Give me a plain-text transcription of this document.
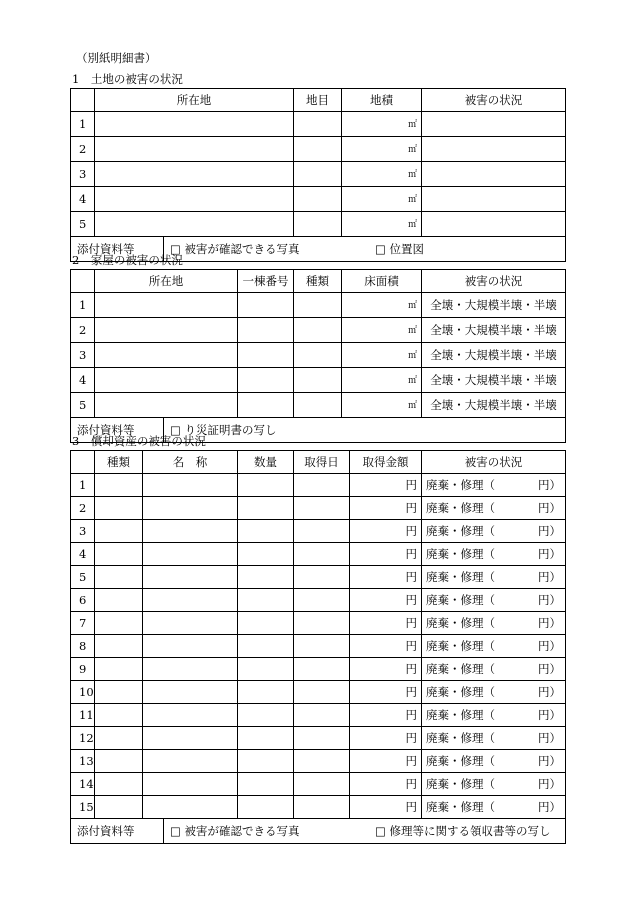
（別紙明細書）
1　土地の被害の状況
	所在地	地目	地積	被害の状況
1			㎡	
2			㎡	
3			㎡	
4			㎡	
5			㎡	

添付資料等 □ 被害が確認できる写真 □ 位置図				
2　家屋の被害の状況
	所在地	一棟番号	種類	床面積	被害の状況
1				㎡	全壊・大規模半壊・半壊
2				㎡	全壊・大規模半壊・半壊
3				㎡	全壊・大規模半壊・半壊
4				㎡	全壊・大規模半壊・半壊
5				㎡	全壊・大規模半壊・半壊

添付資料等 □ り災証明書の写し					
3　償却資産の被害の状況
	種類	名　称	数量	取得日	取得金額	被害の状況
1					円	廃棄・修理（ 円）

2					円	廃棄・修理（ 円）

3					円	廃棄・修理（ 円）

4					円	廃棄・修理（ 円）

5					円	廃棄・修理（ 円）

6					円	廃棄・修理（ 円）

7					円	廃棄・修理（ 円）

8					円	廃棄・修理（ 円）

9					円	廃棄・修理（ 円）

10					円	廃棄・修理（ 円）

11					円	廃棄・修理（ 円）

12					円	廃棄・修理（ 円）

13					円	廃棄・修理（ 円）

14					円	廃棄・修理（ 円）

15					円	廃棄・修理（ 円）

添付資料等 □ 被害が確認できる写真 □ 修理等に関する領収書等の写し						
